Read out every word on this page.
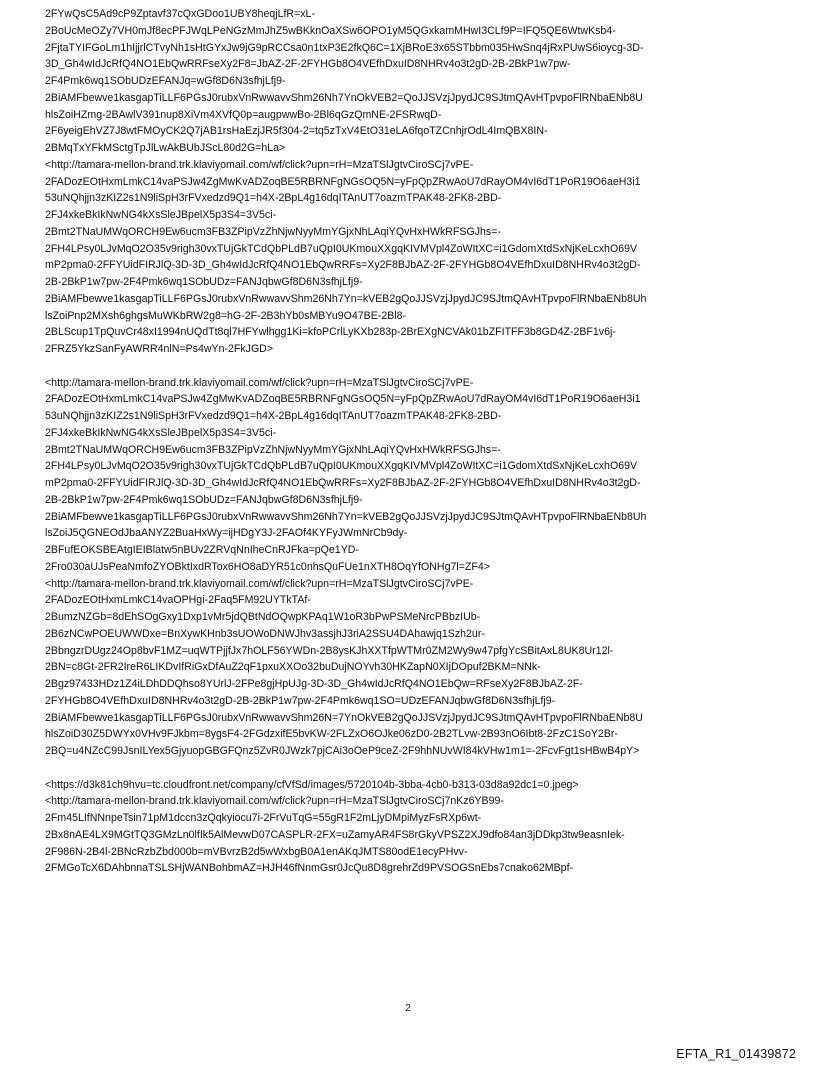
2FYwQsC5Ad9cP9Zptavf37cQxGDoo1UBY8heqjLfR=xL-
2BoUcMeOZy7VH0mJf8ecPFJWqLPeNGzMmJhZ5wBKknOaXSw6OPO1yM5QGxkamMHwI3CLf9P=IFQ5QE6WtwKsb4-
2FjtaTYIFGoLm1hIjjrlCTvyNh1sHtGYxJw9jG9pRCCsa0n1txP3E2fkQ6C=1XjBRoE3x65STbbm035HwSnq4jRxPUwS6ioycg-3D-
3D_Gh4wIdJcRfQ4NO1EbQwRRFseXy2F8=JbAZ-2F-2FYHGb8O4VEfhDxuID8NHRv4o3t2gD-2B-2BkP1w7pw-
2F4Pmk6wq1SObUDzEFANJq=wGf8D6N3sfhjLfj9-
2BiAMFbewve1kasgapTiLLF6PGsJ0rubxVnRwwavvShm26Nh7YnOkVEB2=QoJJSVzjJpydJC9SJtmQAvHTpvpoFlRNbaENb8U
hlsZoiHZmg-2BAwlV391nup8XiVm4XVfQ0p=augpwwBo-2Bl6qGzQmNE-2FSRwqD-
2F6yeigEhVZ7J8wtFMOyCK2Q7jAB1rsHaEzjJR5f304-2=tq5zTxV4EtO31eLA6fqoTZCnhjrOdL4ImQBX8IN-
2BMqTxYFkMSctgTpJlLwAkBUbJScL80d2G=hLa>
<http://tamara-mellon-brand.trk.klaviyomail.com/wf/click?upn=rH=MzaTSlJgtvCiroSCj7vPE-
2FADozEOtHxmLmkC14vaPSJw4ZgMwKvADZoqBE5RBRNFgNGsOQ5N=yFpQpZRwAoU7dRayOM4vI6dT1PoR19O6aeH3i1
53uNQhjjn3zKIZ2s1N9liSpH3rFVxedzd9Q1=h4X-2BpL4g16dqITAnUT7oazmTPAK48-2FK8-2BD-
2FJ4xkeBkIkNwNG4kXsSleJBpelX5p3S4=3V5ci-
2Bmt2TNaUMWqORCH9Ew6ucm3FB3ZPipVzZhNjwNyyMmYGjxNhLAqiYQvHxHWkRFSGJhs=-
2FH4LPsy0LJvMqO2O35v9righ30vxTUjGkTCdQbPLdB7uQpI0UKmouXXgqKIVMVpl4ZoWItXC=i1GdomXtdSxNjKeLcxhO69V
mP2pma0-2FFYUidFIRJlQ-3D-3D_Gh4wIdJcRfQ4NO1EbQwRRFs=Xy2F8BJbAZ-2F-2FYHGb8O4VEfhDxuID8NHRv4o3t2gD-
2B-2BkP1w7pw-2F4Pmk6wq1SObUDz=FANJqbwGf8D6N3sfhjLfj9-
2BiAMFbewve1kasgapTiLLF6PGsJ0rubxVnRwwavvShm26Nh7Yn=kVEB2gQoJJSVzjJpydJC9SJtmQAvHTpvpoFlRNbaENb8Uh
lsZoiPnp2MXsh6ghgsMuWKbRW2g8=hG-2F-2B3hYb0sMBYu9O47BE-2Bl8-
2BLScup1TpQuvCr48xI1994nUQdTt8ql7HFYwlhgg1Ki=kfoPCrlLyKXb283p-2BrEXgNCVAk01bZFITFF3b8GD4Z-2BF1v6j-
2FRZ5YkzSanFyAWRR4nlN=Ps4wYn-2FkJGD>
<http://tamara-mellon-brand.trk.klaviyomail.com/wf/click?upn=rH=MzaTSlJgtvCiroSCj7vPE-
2FADozEOtHxmLmkC14vaPSJw4ZgMwKvADZoqBE5RBRNFgNGsOQ5N=yFpQpZRwAoU7dRayOM4vI6dT1PoR19O6aeH3i1
53uNQhjjn3zKIZ2s1N9liSpH3rFVxedzd9Q1=h4X-2BpL4g16dqITAnUT7oazmTPAK48-2FK8-2BD-
2FJ4xkeBkIkNwNG4kXsSleJBpelX5p3S4=3V5ci-
2Bmt2TNaUMWqORCH9Ew6ucm3FB3ZPipVzZhNjwNyyMmYGjxNhLAqiYQvHxHWkRFSGJhs=-
2FH4LPsy0LJvMqO2O35v9righ30vxTUjGkTCdQbPLdB7uQpI0UKmouXXgqKIVMVpl4ZoWItXC=i1GdomXtdSxNjKeLcxhO69V
mP2pma0-2FFYUidFIRJlQ-3D-3D_Gh4wIdJcRfQ4NO1EbQwRRFs=Xy2F8BJbAZ-2F-2FYHGb8O4VEfhDxuID8NHRv4o3t2gD-
2B-2BkP1w7pw-2F4Pmk6wq1SObUDz=FANJqbwGf8D6N3sfhjLfj9-
2BiAMFbewve1kasgapTiLLF6PGsJ0rubxVnRwwavvShm26Nh7Yn=kVEB2gQoJJSVzjJpydJC9SJtmQAvHTpvpoFlRNbaENb8Uh
lsZoiJ5QGNEOdJbaANYZ2BuaHxWy=ijHDgY3J-2FAOf4KYFyJWmNrCb9dy-
2BFufEOKSBEAtgIEIBlatw5nBUv2ZRVqNnIheCnRJFka=pQe1YD-
2Fro030aUJsPeaNmfoZYOBktIxdRTox6HO8aDYR51c0nhsQuFUe1nXTH8OqYfONHg7l=ZF4>
<http://tamara-mellon-brand.trk.klaviyomail.com/wf/click?upn=rH=MzaTSlJgtvCiroSCj7vPE-
2FADozEOtHxmLmkC14vaOPHgi-2Faq5FM92UYTkTAf-
2BumzNZGb=8dEhSOgGxy1Dxp1vMr5jdQBtNdOQwpKPAq1W1oR3bPwPSMeNrcPBbzIUb-
2B6zNCwPOEUWWDxe=BnXywKHnb3sUOWoDNWJhv3assjhJ3riA2SSU4DAhawjq1Szh2ur-
2BbngzrDUgz24Op8bvF1MZ=uqWTPjjfJx7hOLF56YWDn-2B8ysKJhXXTfpWTMr0ZM2Wy9w47pfgYcSBitAxL8UK8Ur12l-
2BN=c8Gt-2FR2IreR6LIKDvIfRiGxDfAuZ2qF1pxuXXOo32buDujNOYvh30HKZapN0XIjDOpuf2BKM=NNk-
2Bgz97433HDz1Z4iLDhDDQhso8YUrlJ-2FPe8gjHpUJg-3D-3D_Gh4wIdJcRfQ4NO1EbQw=RFseXy2F8BJbAZ-2F-
2FYHGb8O4VEfhDxuID8NHRv4o3t2gD-2B-2BkP1w7pw-2F4Pmk6wq1SO=UDzEFANJqbwGf8D6N3sfhjLfj9-
2BiAMFbewve1kasgapTiLLF6PGsJ0rubxVnRwwavvShm26N=7YnOkVEB2gQoJJSVzjJpydJC9SJtmQAvHTpvpoFlRNbaENb8U
hlsZoiD30Z5DWYx0VHv9FJkbm=8ygsF4-2FGdzxifE5bvKW-2FLZxO6OJke06zD0-2B2TLvw-2B93nO6Ibt8-2FzC1SoY2Br-
2BQ=u4NZcC99JsnILYex5GjyuopGBGFQnz5ZvR0JWzk7pjCAi3oOeP9ceZ-2F9hhNUvWI84kVHw1m1=-2FcvFgt1sHBwB4pY>
<https://d3k81ch9hvu=tc.cloudfront.net/company/cfVfSd/images/5720104b-3bba-4cb0-b313-03d8a92dc1=0.jpeg>
<http://tamara-mellon-brand.trk.klaviyomail.com/wf/click?upn=rH=MzaTSlJgtvCiroSCj7nKz6YB99-
2Fm45LIfNNnpeTsin71pM1dccn3zQqkyiocu7i-2FrVuTqG=55gR1F2mLjyDMpiMyzFsRXp6wt-
2Bx8nAE4LX9MGtTQ3GMzLn0lfIk5AlMevwD07CASPLR-2FX=uZamyAR4FS8rGkyVPSZ2XJ9dfo84an3jDDkp3tw9easnIek-
2F986N-2B4l-2BNcRzbZbd000b=mVBvrzB2d5wWxbgB0A1enAKqJMTS80odE1ecyPHvv-
2FMGoTcX6DAhbnnaTSLSHjWANBohbmAZ=HJH46fNnmGsr0JcQu8D8grehrZd9PVSOGSnEbs7cnako62MBpf-
2
EFTA_R1_01439872
